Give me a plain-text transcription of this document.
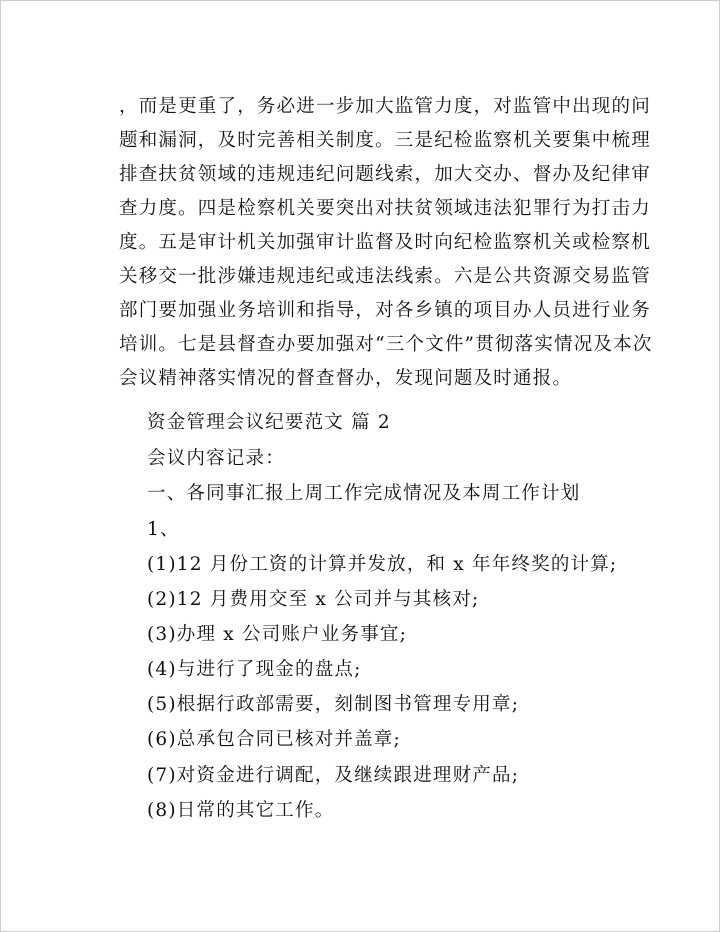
，而是更重了，务必进一步加大监管力度，对监管中出现的问
题和漏洞，及时完善相关制度。三是纪检监察机关要集中梳理
排查扶贫领域的违规违纪问题线索，加大交办、督办及纪律审
查力度。四是检察机关要突出对扶贫领域违法犯罪行为打击力
度。五是审计机关加强审计监督及时向纪检监察机关或检察机
关移交一批涉嫌违规违纪或违法线索。六是公共资源交易监管
部门要加强业务培训和指导，对各乡镇的项目办人员进行业务
培训。七是县督查办要加强对“三个文件”贯彻落实情况及本次
会议精神落实情况的督查督办，发现问题及时通报。
资金管理会议纪要范文 篇 2
会议内容记录：
一、各同事汇报上周工作完成情况及本周工作计划
1、
(1)12 月份工资的计算并发放，和 x 年年终奖的计算;
(2)12 月费用交至 x 公司并与其核对;
(3)办理 x 公司账户业务事宜;
(4)与进行了现金的盘点;
(5)根据行政部需要，刻制图书管理专用章;
(6)总承包合同已核对并盖章;
(7)对资金进行调配，及继续跟进理财产品;
(8)日常的其它工作。
